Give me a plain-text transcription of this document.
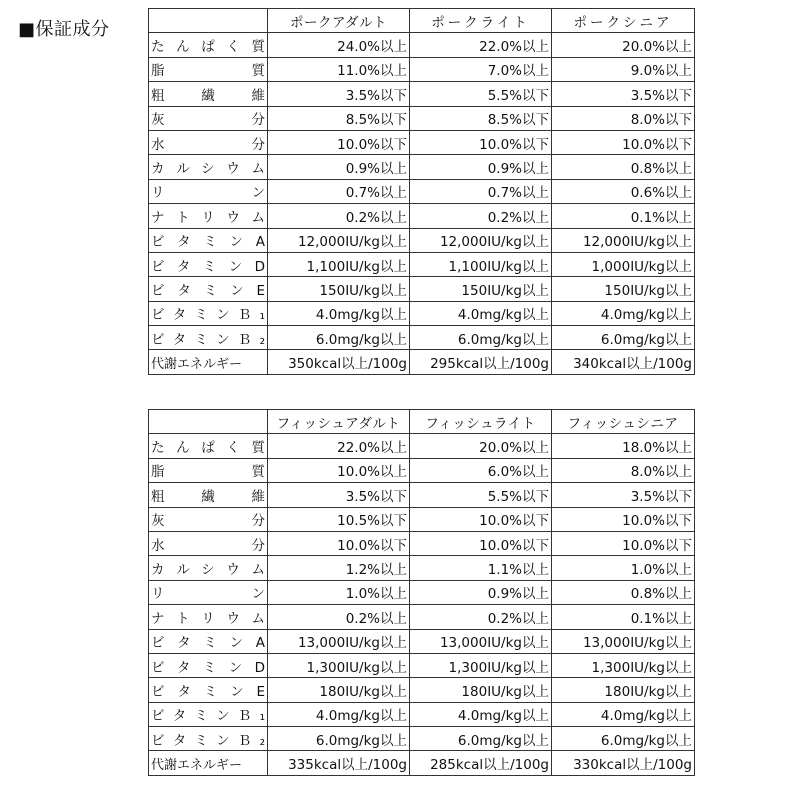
■保証成分
		ポークアダルト	ポークライト	ポークシニア
たんぱく質	24.0%以上	22.0%以上	20.0%以上
脂質	11.0%以上	7.0%以上	9.0%以上
粗繊維	3.5%以下	5.5%以下	3.5%以下
灰分	8.5%以下	8.5%以下	8.0%以下
水分	10.0%以下	10.0%以下	10.0%以下
カルシウム	0.9%以上	0.9%以上	0.8%以上
リン	0.7%以上	0.7%以上	0.6%以上
ナトリウム	0.2%以上	0.2%以上	0.1%以上
ビタミンA	12,000IU/kg以上	12,000IU/kg以上	12,000IU/kg以上
ビタミンD	1,100IU/kg以上	1,100IU/kg以上	1,000IU/kg以上
ビタミンE	150IU/kg以上	150IU/kg以上	150IU/kg以上
ビタミンＢ₁	4.0mg/kg以上	4.0mg/kg以上	4.0mg/kg以上
ビタミンＢ₂	6.0mg/kg以上	6.0mg/kg以上	6.0mg/kg以上
代謝エネルギー	350kcal以上/100g	295kcal以上/100g	340kcal以上/100g
	フィッシュアダルト	フィッシュライト	フィッシュシニア
たんぱく質	22.0%以上	20.0%以上	18.0%以上
脂質	10.0%以上	6.0%以上	8.0%以上
粗繊維	3.5%以下	5.5%以下	3.5%以下
灰分	10.5%以下	10.0%以下	10.0%以下
水分	10.0%以下	10.0%以下	10.0%以下
カルシウム	1.2%以上	1.1%以上	1.0%以上
リン	1.0%以上	0.9%以上	0.8%以上
ナトリウム	0.2%以上	0.2%以上	0.1%以上
ビタミンA	13,000IU/kg以上	13,000IU/kg以上	13,000IU/kg以上
ビタミンD	1,300IU/kg以上	1,300IU/kg以上	1,300IU/kg以上
ビタミンE	180IU/kg以上	180IU/kg以上	180IU/kg以上
ビタミンＢ₁	4.0mg/kg以上	4.0mg/kg以上	4.0mg/kg以上
ビタミンＢ₂	6.0mg/kg以上	6.0mg/kg以上	6.0mg/kg以上
代謝エネルギー	335kcal以上/100g	285kcal以上/100g	330kcal以上/100g
